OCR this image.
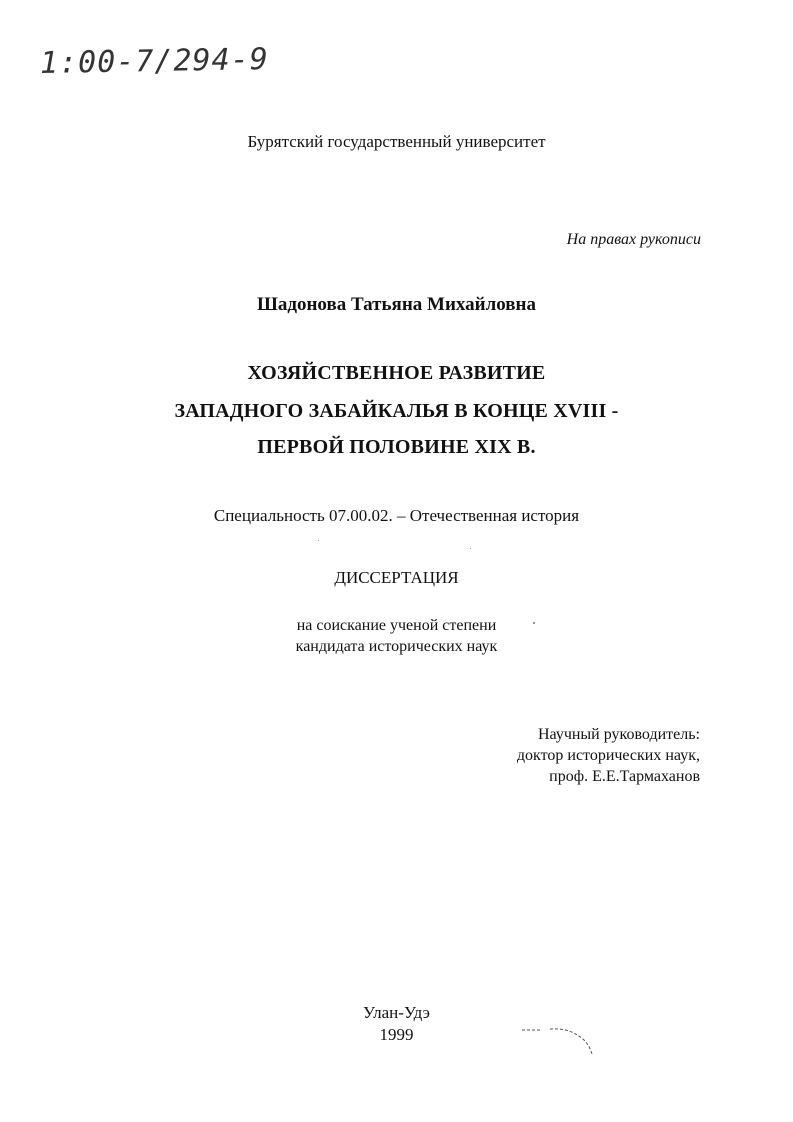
1:00-7/294-9
Бурятский государственный университет
На правах рукописи
Шадонова Татьяна Михайловна
ХОЗЯЙСТВЕННОЕ РАЗВИТИЕ
ЗАПАДНОГО ЗАБАЙКАЛЬЯ В КОНЦЕ XVIII -
ПЕРВОЙ ПОЛОВИНЕ XIX В.
Специальность 07.00.02. – Отечественная история
ДИССЕРТАЦИЯ
на соискание ученой степени
кандидата исторических наук
Научный руководитель:
доктор исторических наук,
проф. Е.Е.Тармаханов
Улан-Удэ
1999
